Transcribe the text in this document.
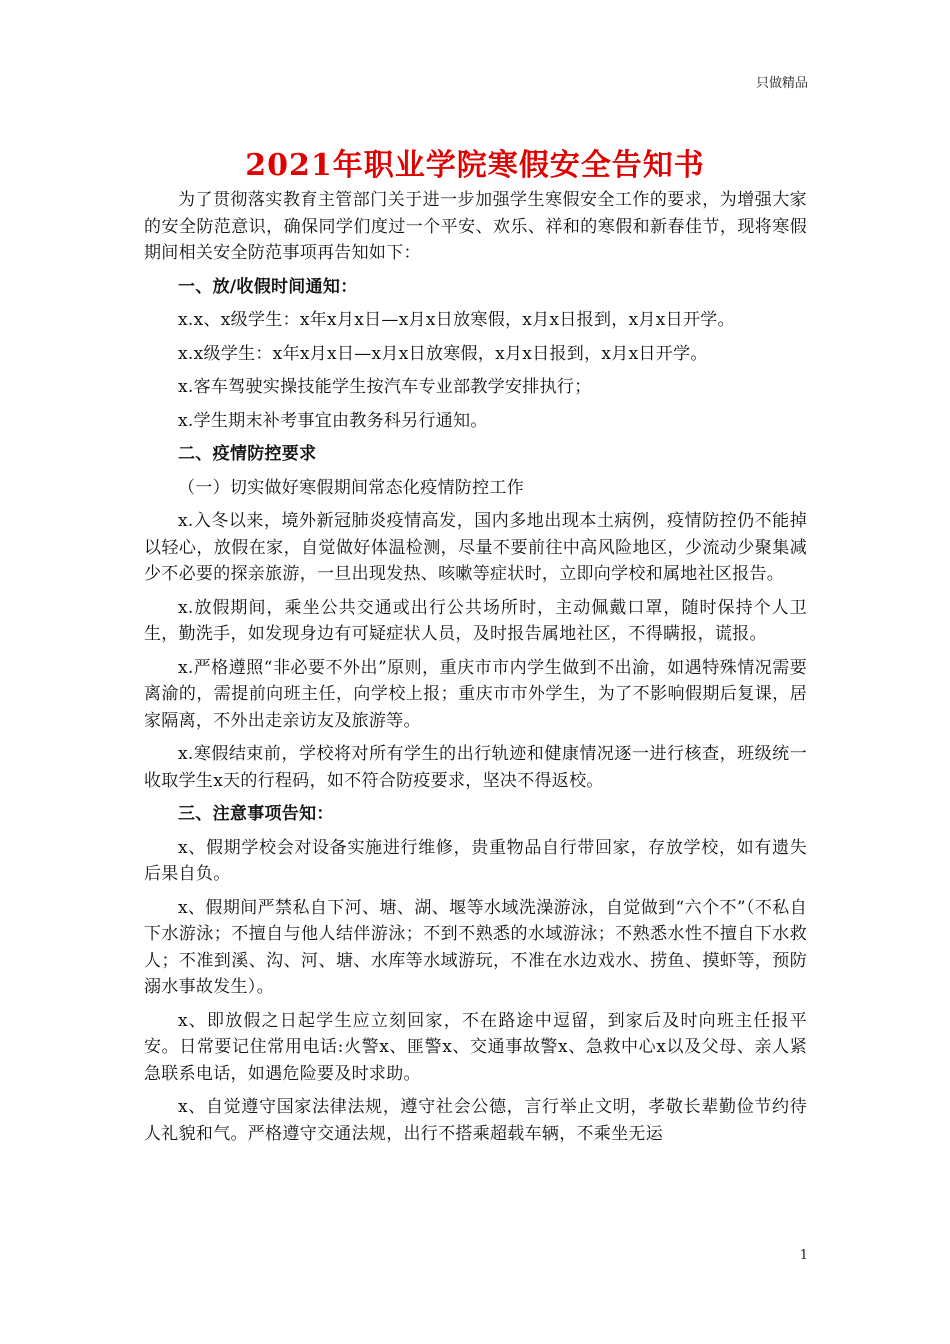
只做精品
2021年职业学院寒假安全告知书

为了贯彻落实教育主管部门关于进一步加强学生寒假安全工作的要求，为增强大家的安全防范意识，确保同学们度过一个平安、欢乐、祥和的寒假和新春佳节，现将寒假期间相关安全防范事项再告知如下：

一、放/收假时间通知：

x.x、x级学生：x年x月x日—x月x日放寒假，x月x日报到，x月x日开学。

x.x级学生：x年x月x日—x月x日放寒假，x月x日报到，x月x日开学。

x.客车驾驶实操技能学生按汽车专业部教学安排执行；

x.学生期末补考事宜由教务科另行通知。

二、疫情防控要求

（一）切实做好寒假期间常态化疫情防控工作

x.入冬以来，境外新冠肺炎疫情高发，国内多地出现本土病例，疫情防控仍不能掉以轻心，放假在家，自觉做好体温检测，尽量不要前往中高风险地区，少流动少聚集减少不必要的探亲旅游，一旦出现发热、咳嗽等症状时，立即向学校和属地社区报告。

x.放假期间，乘坐公共交通或出行公共场所时，主动佩戴口罩，随时保持个人卫生，勤洗手，如发现身边有可疑症状人员，及时报告属地社区，不得瞒报，谎报。

x.严格遵照“非必要不外出”原则，重庆市市内学生做到不出渝，如遇特殊情况需要离渝的，需提前向班主任，向学校上报；重庆市市外学生，为了不影响假期后复课，居家隔离，不外出走亲访友及旅游等。

x.寒假结束前，学校将对所有学生的出行轨迹和健康情况逐一进行核查，班级统一收取学生x天的行程码，如不符合防疫要求，坚决不得返校。

三、注意事项告知：

x、假期学校会对设备实施进行维修，贵重物品自行带回家，存放学校，如有遗失后果自负。

x、假期间严禁私自下河、塘、湖、堰等水域洗澡游泳，自觉做到“六个不”（不私自下水游泳；不擅自与他人结伴游泳；不到不熟悉的水域游泳；不熟悉水性不擅自下水救人；不准到溪、沟、河、塘、水库等水域游玩，不准在水边戏水、捞鱼、摸虾等，预防溺水事故发生）。

x、即放假之日起学生应立刻回家，不在路途中逗留，到家后及时向班主任报平安。日常要记住常用电话:火警x、匪警x、交通事故警x、急救中心x以及父母、亲人紧急联系电话，如遇危险要及时求助。

x、自觉遵守国家法律法规，遵守社会公德，言行举止文明，孝敬长辈勤俭节约待人礼貌和气。严格遵守交通法规，出行不搭乘超载车辆，不乘坐无运

1
